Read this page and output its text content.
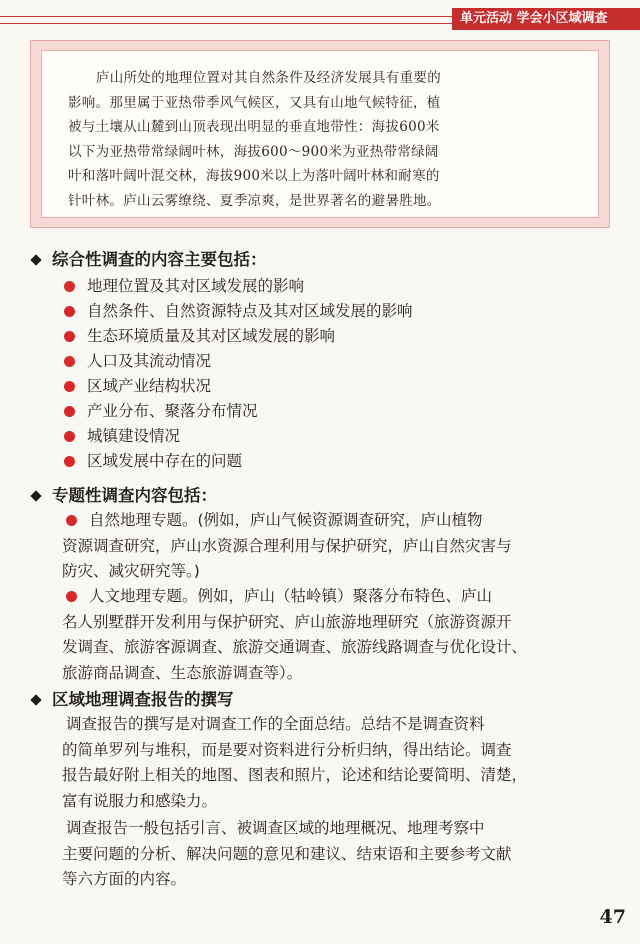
单元活动 学会小区域调查
庐山所处的地理位置对其自然条件及经济发展具有重要的
影响。那里属于亚热带季风气候区，又具有山地气候特征，植
被与土壤从山麓到山顶表现出明显的垂直地带性：海拔600米
以下为亚热带常绿阔叶林，海拔600～900米为亚热带常绿阔
叶和落叶阔叶混交林，海拔900米以上为落叶阔叶林和耐寒的
针叶林。庐山云雾缭绕、夏季凉爽，是世界著名的避暑胜地。
综合性调查的内容主要包括：
地理位置及其对区域发展的影响
自然条件、自然资源特点及其对区域发展的影响
生态环境质量及其对区域发展的影响
人口及其流动情况
区域产业结构状况
产业分布、聚落分布情况
城镇建设情况
区域发展中存在的问题
专题性调查内容包括：
自然地理专题。(例如，庐山气候资源调查研究，庐山植物
资源调查研究，庐山水资源合理利用与保护研究，庐山自然灾害与
防灾、减灾研究等。)
人文地理专题。例如，庐山（牯岭镇）聚落分布特色、庐山
名人别墅群开发利用与保护研究、庐山旅游地理研究（旅游资源开
发调查、旅游客源调查、旅游交通调查、旅游线路调查与优化设计、
旅游商品调查、生态旅游调查等）。
区域地理调查报告的撰写
调查报告的撰写是对调查工作的全面总结。总结不是调查资料
的简单罗列与堆积，而是要对资料进行分析归纳，得出结论。调查
报告最好附上相关的地图、图表和照片，论述和结论要简明、清楚，
富有说服力和感染力。
调查报告一般包括引言、被调查区域的地理概况、地理考察中
主要问题的分析、解决问题的意见和建议、结束语和主要参考文献
等六方面的内容。
47
